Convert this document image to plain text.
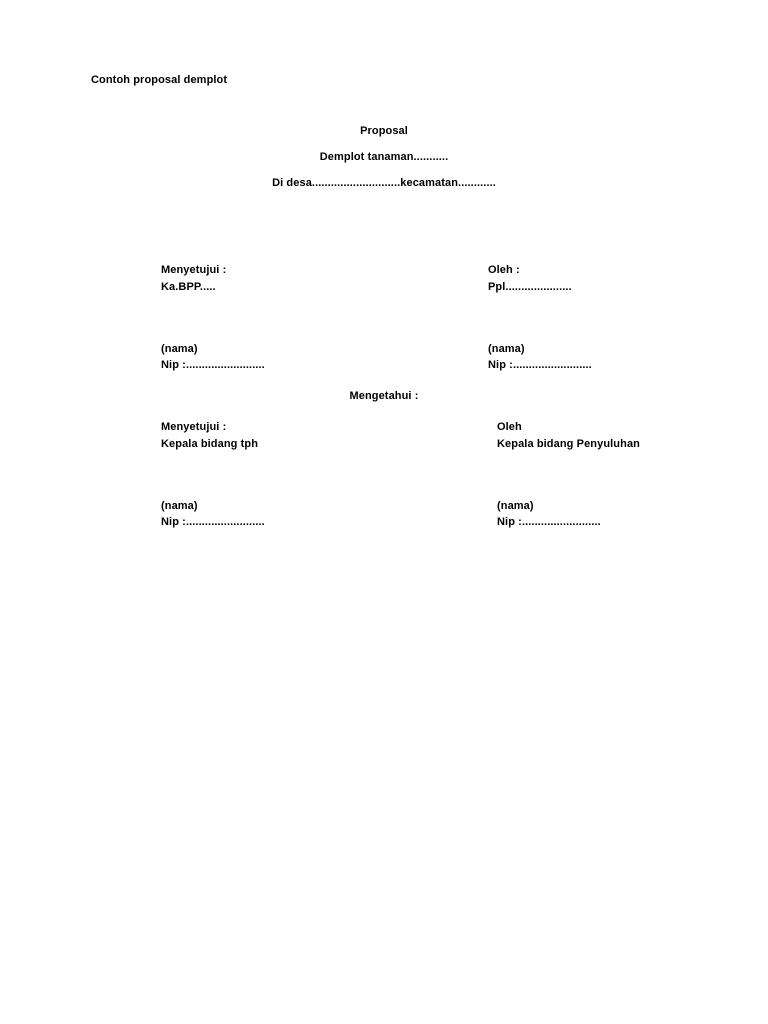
Contoh proposal demplot
Proposal
Demplot tanaman...........
Di desa............................kecamatan............
Menyetujui :
Ka.BPP.....
(nama)
Nip :.........................
Oleh :
Ppl.....................
(nama)
Nip :.........................
Mengetahui :
Menyetujui :
Kepala bidang tph
(nama)
Nip :.........................
Oleh
Kepala bidang Penyuluhan
(nama)
Nip :.........................
